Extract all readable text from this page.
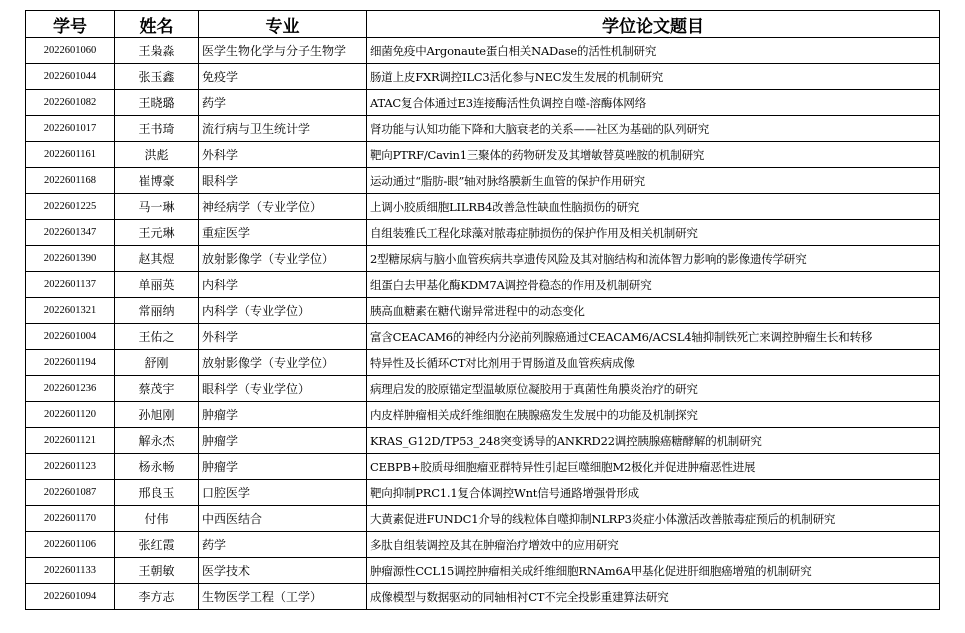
学号	姓名	专业	学位论文题目
2022601060	王枭淼	医学生物化学与分子生物学	细菌免疫中Argonaute蛋白相关NADase的活性机制研究
2022601044	张玉鑫	免疫学	肠道上皮FXR调控ILC3活化参与NEC发生发展的机制研究
2022601082	王晓璐	药学	ATAC复合体通过E3连接酶活性负调控自噬-溶酶体网络
2022601017	王书琦	流行病与卫生统计学	肾功能与认知功能下降和大脑衰老的关系——社区为基础的队列研究
2022601161	洪彪	外科学	靶向PTRF/Cavin1三聚体的药物研发及其增敏替莫唑胺的机制研究
2022601168	崔博豪	眼科学	运动通过“脂肪-眼”轴对脉络膜新生血管的保护作用研究
2022601225	马一琳	神经病学（专业学位）	上调小胶质细胞LILRB4改善急性缺血性脑损伤的研究
2022601347	王元琳	重症医学	自组装雅氏工程化球藻对脓毒症肺损伤的保护作用及相关机制研究
2022601390	赵其煜	放射影像学（专业学位）	2型糖尿病与脑小血管疾病共享遗传风险及其对脑结构和流体智力影响的影像遗传学研究
2022601137	单丽英	内科学	组蛋白去甲基化酶KDM7A调控骨稳态的作用及机制研究
2022601321	常丽纳	内科学（专业学位）	胰高血糖素在糖代谢异常进程中的动态变化
2022601004	王佑之	外科学	富含CEACAM6的神经内分泌前列腺癌通过CEACAM6/ACSL4轴抑制铁死亡来调控肿瘤生长和转移
2022601194	舒刚	放射影像学（专业学位）	特异性及长循环CT对比剂用于胃肠道及血管疾病成像
2022601236	蔡茂宇	眼科学（专业学位）	病理启发的胶原锚定型温敏原位凝胶用于真菌性角膜炎治疗的研究
2022601120	孙旭刚	肿瘤学	内皮样肿瘤相关成纤维细胞在胰腺癌发生发展中的功能及机制探究
2022601121	解永杰	肿瘤学	KRAS_G12D/TP53_248突变诱导的ANKRD22调控胰腺癌糖酵解的机制研究
2022601123	杨永畅	肿瘤学	CEBPB+胶质母细胞瘤亚群特异性引起巨噬细胞M2极化并促进肿瘤恶性进展
2022601087	邢良玉	口腔医学	靶向抑制PRC1.1复合体调控Wnt信号通路增强骨形成
2022601170	付伟	中西医结合	大黄素促进FUNDC1介导的线粒体自噬抑制NLRP3炎症小体激活改善脓毒症预后的机制研究
2022601106	张红霞	药学	多肽自组装调控及其在肿瘤治疗增效中的应用研究
2022601133	王朝敏	医学技术	肿瘤源性CCL15调控肿瘤相关成纤维细胞RNAm6A甲基化促进肝细胞癌增殖的机制研究
2022601094	李方志	生物医学工程（工学）	成像模型与数据驱动的同轴相衬CT不完全投影重建算法研究
